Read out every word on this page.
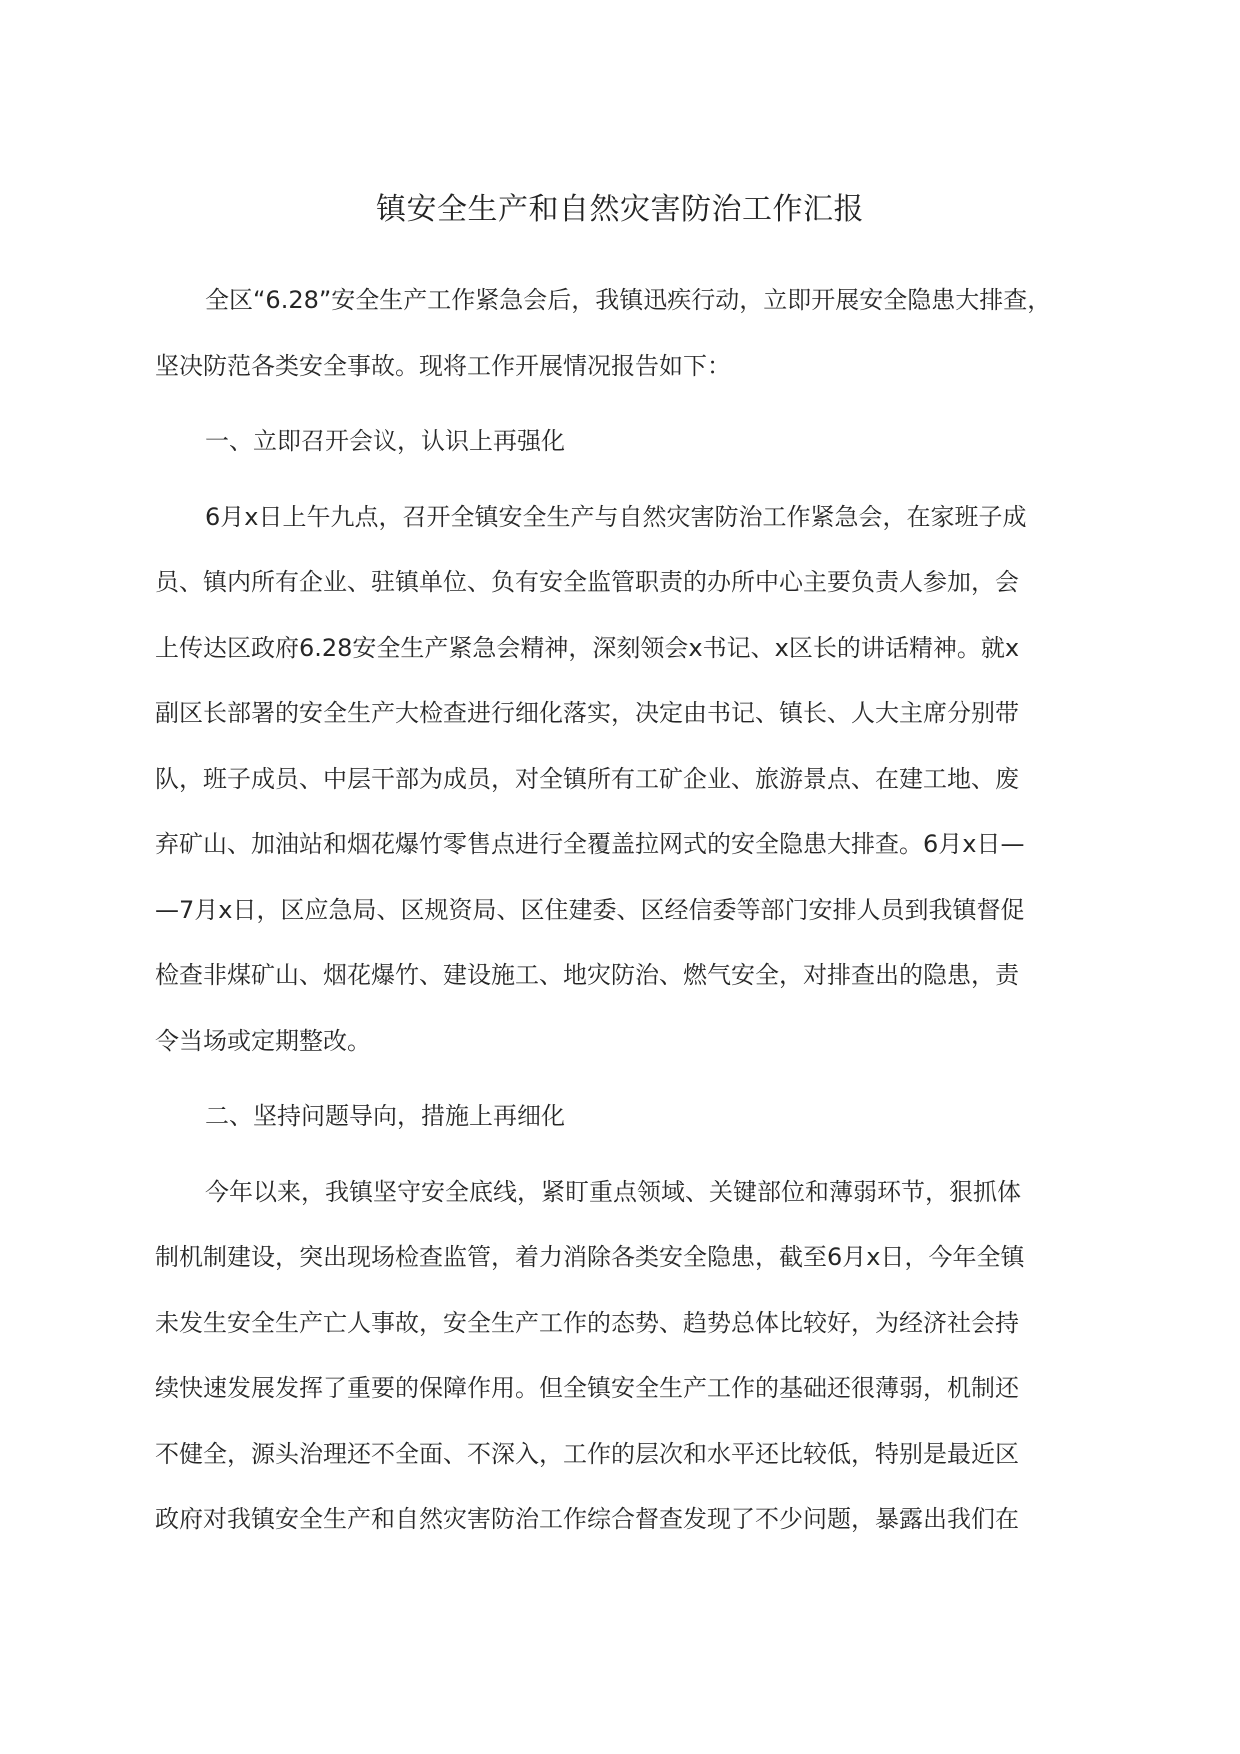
镇安全生产和自然灾害防治工作汇报
全区“6.28”安全生产工作紧急会后，我镇迅疾行动，立即开展安全隐患大排查，
坚决防范各类安全事故。现将工作开展情况报告如下：
一、立即召开会议，认识上再强化
6月x日上午九点，召开全镇安全生产与自然灾害防治工作紧急会，在家班子成
员、镇内所有企业、驻镇单位、负有安全监管职责的办所中心主要负责人参加，会
上传达区政府6.28安全生产紧急会精神，深刻领会x书记、x区长的讲话精神。就x
副区长部署的安全生产大检查进行细化落实，决定由书记、镇长、人大主席分别带
队，班子成员、中层干部为成员，对全镇所有工矿企业、旅游景点、在建工地、废
弃矿山、加油站和烟花爆竹零售点进行全覆盖拉网式的安全隐患大排查。6月x日—
—7月x日，区应急局、区规资局、区住建委、区经信委等部门安排人员到我镇督促
检查非煤矿山、烟花爆竹、建设施工、地灾防治、燃气安全，对排查出的隐患，责
令当场或定期整改。
二、坚持问题导向，措施上再细化
今年以来，我镇坚守安全底线，紧盯重点领域、关键部位和薄弱环节，狠抓体
制机制建设，突出现场检查监管，着力消除各类安全隐患，截至6月x日，今年全镇
未发生安全生产亡人事故，安全生产工作的态势、趋势总体比较好，为经济社会持
续快速发展发挥了重要的保障作用。但全镇安全生产工作的基础还很薄弱，机制还
不健全，源头治理还不全面、不深入，工作的层次和水平还比较低，特别是最近区
政府对我镇安全生产和自然灾害防治工作综合督查发现了不少问题，暴露出我们在
